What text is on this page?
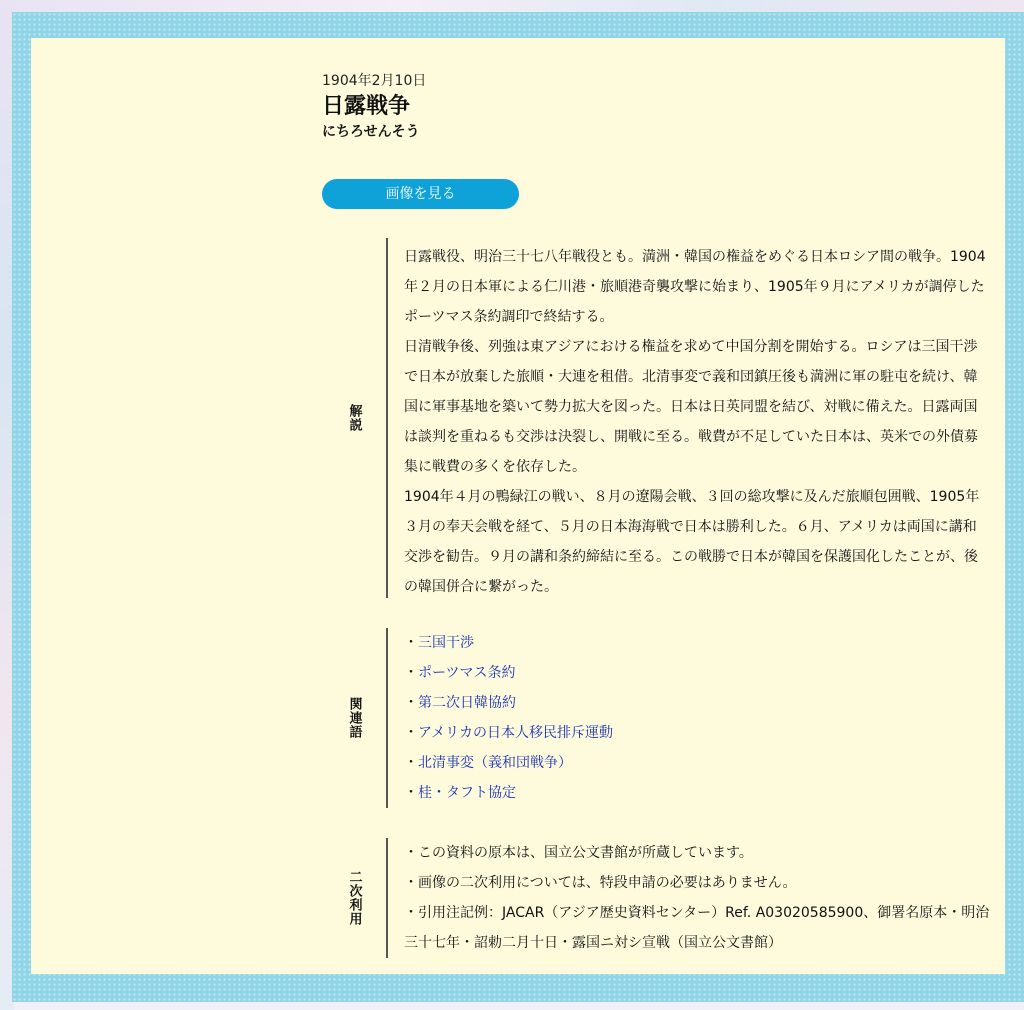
1904年2月10日
日露戦争
にちろせんそう
画像を見る
解説

日露戦役、明治三十七八年戦役とも。満洲・韓国の権益をめぐる日本ロシア間の戦争。1904年２月の日本軍による仁川港・旅順港奇襲攻撃に始まり、1905年９月にアメリカが調停したポーツマス条約調印で終結する。

日清戦争後、列強は東アジアにおける権益を求めて中国分割を開始する。ロシアは三国干渉で日本が放棄した旅順・大連を租借。北清事変で義和団鎮圧後も満洲に軍の駐屯を続け、韓国に軍事基地を築いて勢力拡大を図った。日本は日英同盟を結び、対戦に備えた。日露両国は談判を重ねるも交渉は決裂し、開戦に至る。戦費が不足していた日本は、英米での外債募集に戦費の多くを依存した。

1904年４月の鴨緑江の戦い、８月の遼陽会戦、３回の総攻撃に及んだ旅順包囲戦、1905年３月の奉天会戦を経て、５月の日本海海戦で日本は勝利した。６月、アメリカは両国に講和交渉を勧告。９月の講和条約締結に至る。この戦勝で日本が韓国を保護国化したことが、後の韓国併合に繋がった。

関連語
・三国干渉
・ポーツマス条約
・第二次日韓協約
・アメリカの日本人移民排斥運動
・北清事変（義和団戦争）
・桂・タフト協定
二次利用
・この資料の原本は、国立公文書館が所蔵しています。
・画像の二次利用については、特段申請の必要はありません。
・引用注記例：JACAR（アジア歴史資料センター）Ref. A03020585900、御署名原本・明治三十七年・詔勅二月十日・露国ニ対シ宣戦（国立公文書館）
